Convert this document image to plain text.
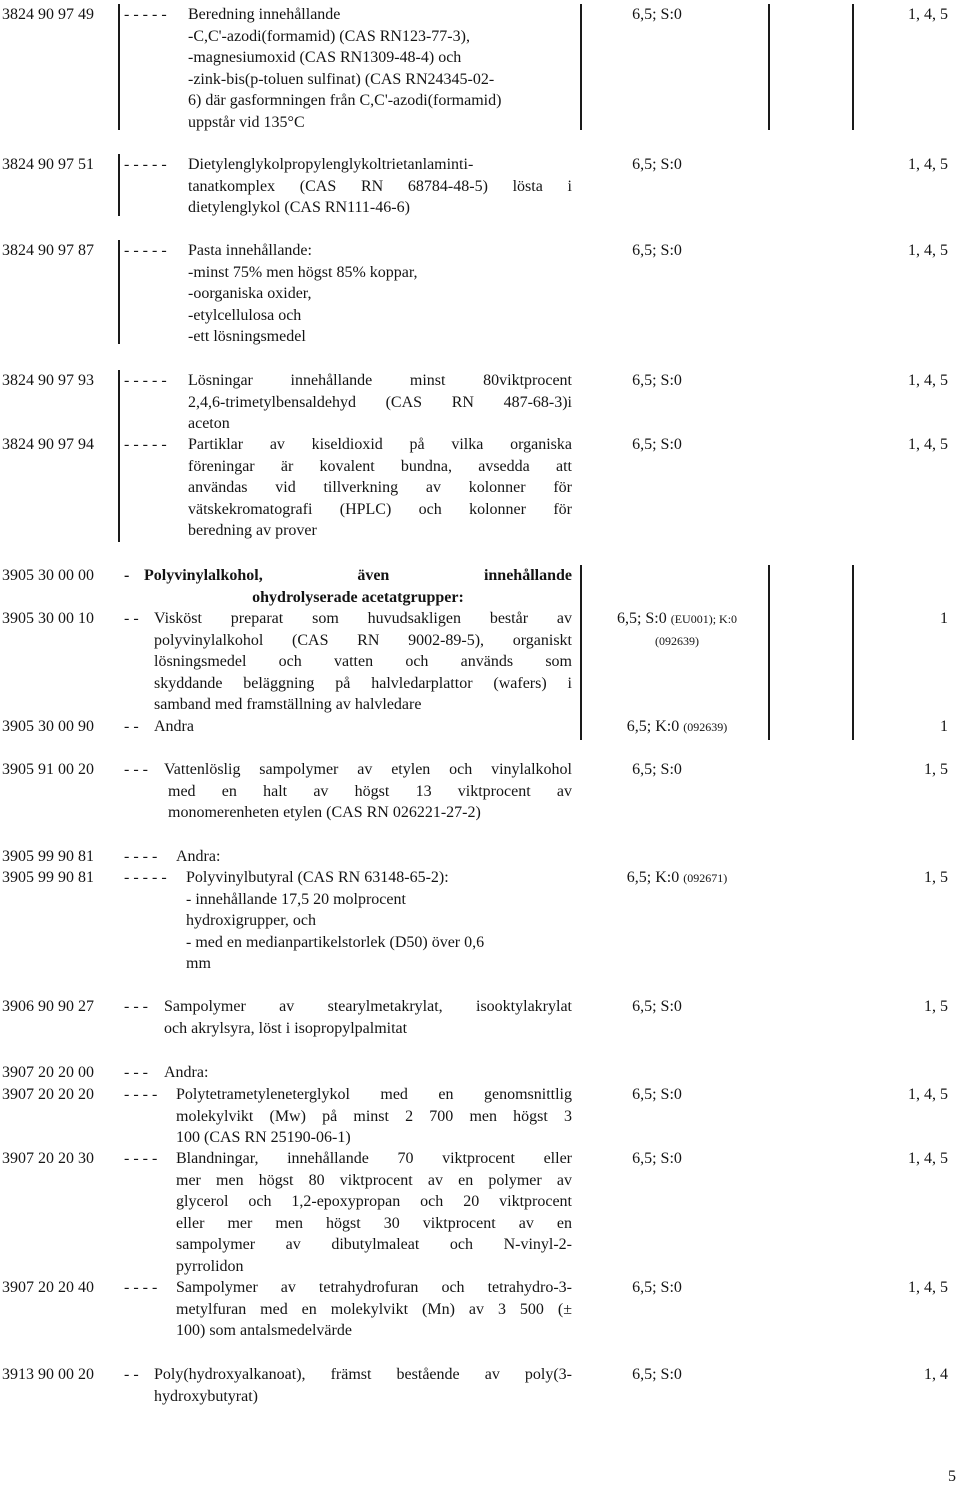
3824 90 97 49 - - - - - Beredning innehållande
-C,C'-azodi(formamid) (CAS RN123-77-3),
-magnesiumoxid (CAS RN1309-48-4) och
-zink-bis(p-toluen sulfinat) (CAS RN24345-02-
6) där gasformningen från C,C'-azodi(formamid)
uppstår vid 135°C
6,5; S:0	1, 4, 5
3824 90 97 51 - - - - - Dietylenglykolpropylenglykoltrietanlaminti-
tanatkomplex (CAS RN 68784-48-5) lösta i
dietylenglykol (CAS RN111-46-6)
6,5; S:0	1, 4, 5
3824 90 97 87 - - - - - Pasta innehållande:
-minst 75% men högst 85% koppar,
-oorganiska oxider,
-etylcellulosa och
-ett lösningsmedel
6,5; S:0	1, 4, 5
3824 90 97 93 - - - - - Lösningar innehållande minst 80viktprocent
2,4,6-trimetylbensaldehyd (CAS RN 487-68-3)i
aceton
6,5; S:0	1, 4, 5
3824 90 97 94 - - - - - Partiklar av kiseldioxid på vilka organiska
föreningar är kovalent bundna, avsedda att
användas vid tillverkning av kolonner för
vätskekromatografi (HPLC) och kolonner för
beredning av prover
6,5; S:0	1, 4, 5
3905 30 00 00 - Polyvinylalkohol, även innehållande
ohydrolyserade acetatgrupper:
3905 30 00 10 - - Visköst preparat som huvudsakligen består av
polyvinylalkohol (CAS RN 9002-89-5), organiskt
lösningsmedel och vatten och används som
skyddande beläggning på halvledarplattor (wafers) i
samband med framställning av halvledare
6,5; S:0 (EU001); K:0
(092639)
1
3905 30 00 90 - - Andra	6,5; K:0 (092639)	1
3905 91 00 20 - - - Vattenlöslig sampolymer av etylen och vinylalkohol
med en halt av högst 13 viktprocent av
monomerenheten etylen (CAS RN 026221-27-2)
6,5; S:0	1, 5
3905 99 90 81 - - - - Andra:
3905 99 90 81 - - - - - Polyvinylbutyral (CAS RN 63148-65-2):
- innehållande 17,5 20 molprocent
hydroxigrupper, och
- med en medianpartikelstorlek (D50) över 0,6
mm
6,5; K:0 (092671)	1, 5
3906 90 90 27 - - - Sampolymer av stearylmetakrylat, isooktylakrylat
och akrylsyra, löst i isopropylpalmitat
6,5; S:0	1, 5
3907 20 20 00 - - - Andra:
3907 20 20 20 - - - - Polytetrametyleneterglykol med en genomsnittlig
molekylvikt (Mw) på minst 2 700 men högst 3
100 (CAS RN 25190-06-1)
6,5; S:0	1, 4, 5
3907 20 20 30 - - - - Blandningar, innehållande 70 viktprocent eller
mer men högst 80 viktprocent av en polymer av
glycerol och 1,2-epoxypropan och 20 viktprocent
eller mer men högst 30 viktprocent av en
sampolymer av dibutylmaleat och N-vinyl-2-
pyrrolidon
6,5; S:0	1, 4, 5
3907 20 20 40 - - - - Sampolymer av tetrahydrofuran och tetrahydro-3-
metylfuran med en molekylvikt (Mn) av 3 500 (±
100) som antalsmedelvärde
6,5; S:0	1, 4, 5
3913 90 00 20 - - Poly(hydroxyalkanoat), främst bestående av poly(3-
hydroxybutyrat)
6,5; S:0	1, 4
5
